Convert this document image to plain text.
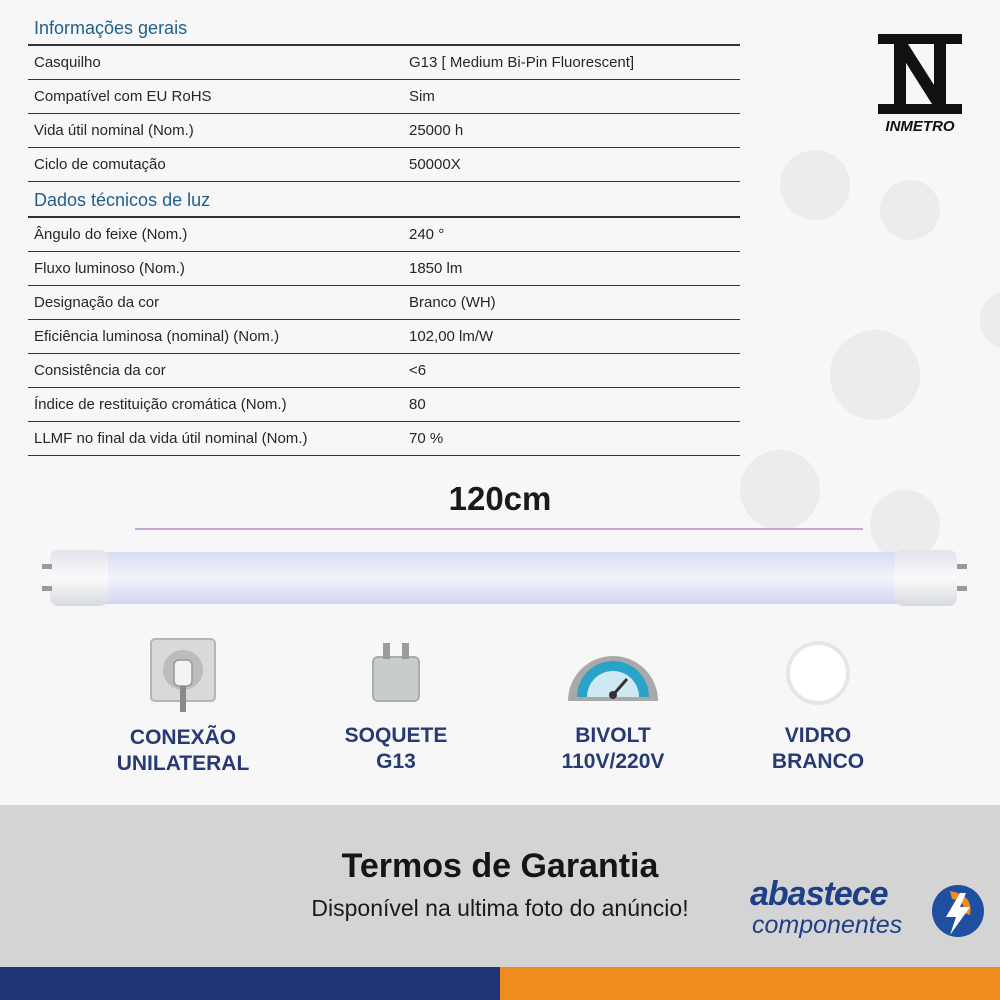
Informações gerais
Casquilho	G13 [ Medium Bi-Pin Fluorescent]
Compatível com EU RoHS	Sim
Vida útil nominal (Nom.)	25000 h
Ciclo de comutação	50000X
Dados técnicos de luz
Ângulo do feixe (Nom.)	240 °
Fluxo luminoso (Nom.)	1850 lm
Designação da cor	Branco (WH)
Eficiência luminosa (nominal) (Nom.)	102,00 lm/W
Consistência da cor	<6
Índice de restituição cromática (Nom.)	80
LLMF no final da vida útil nominal (Nom.)	70 %
INMETRO
120cm
CONEXÃO
UNILATERAL
SOQUETE
G13
BIVOLT
110V/220V
VIDRO
BRANCO
Termos de Garantia
Disponível na ultima foto do anúncio!	abastece
componentes
